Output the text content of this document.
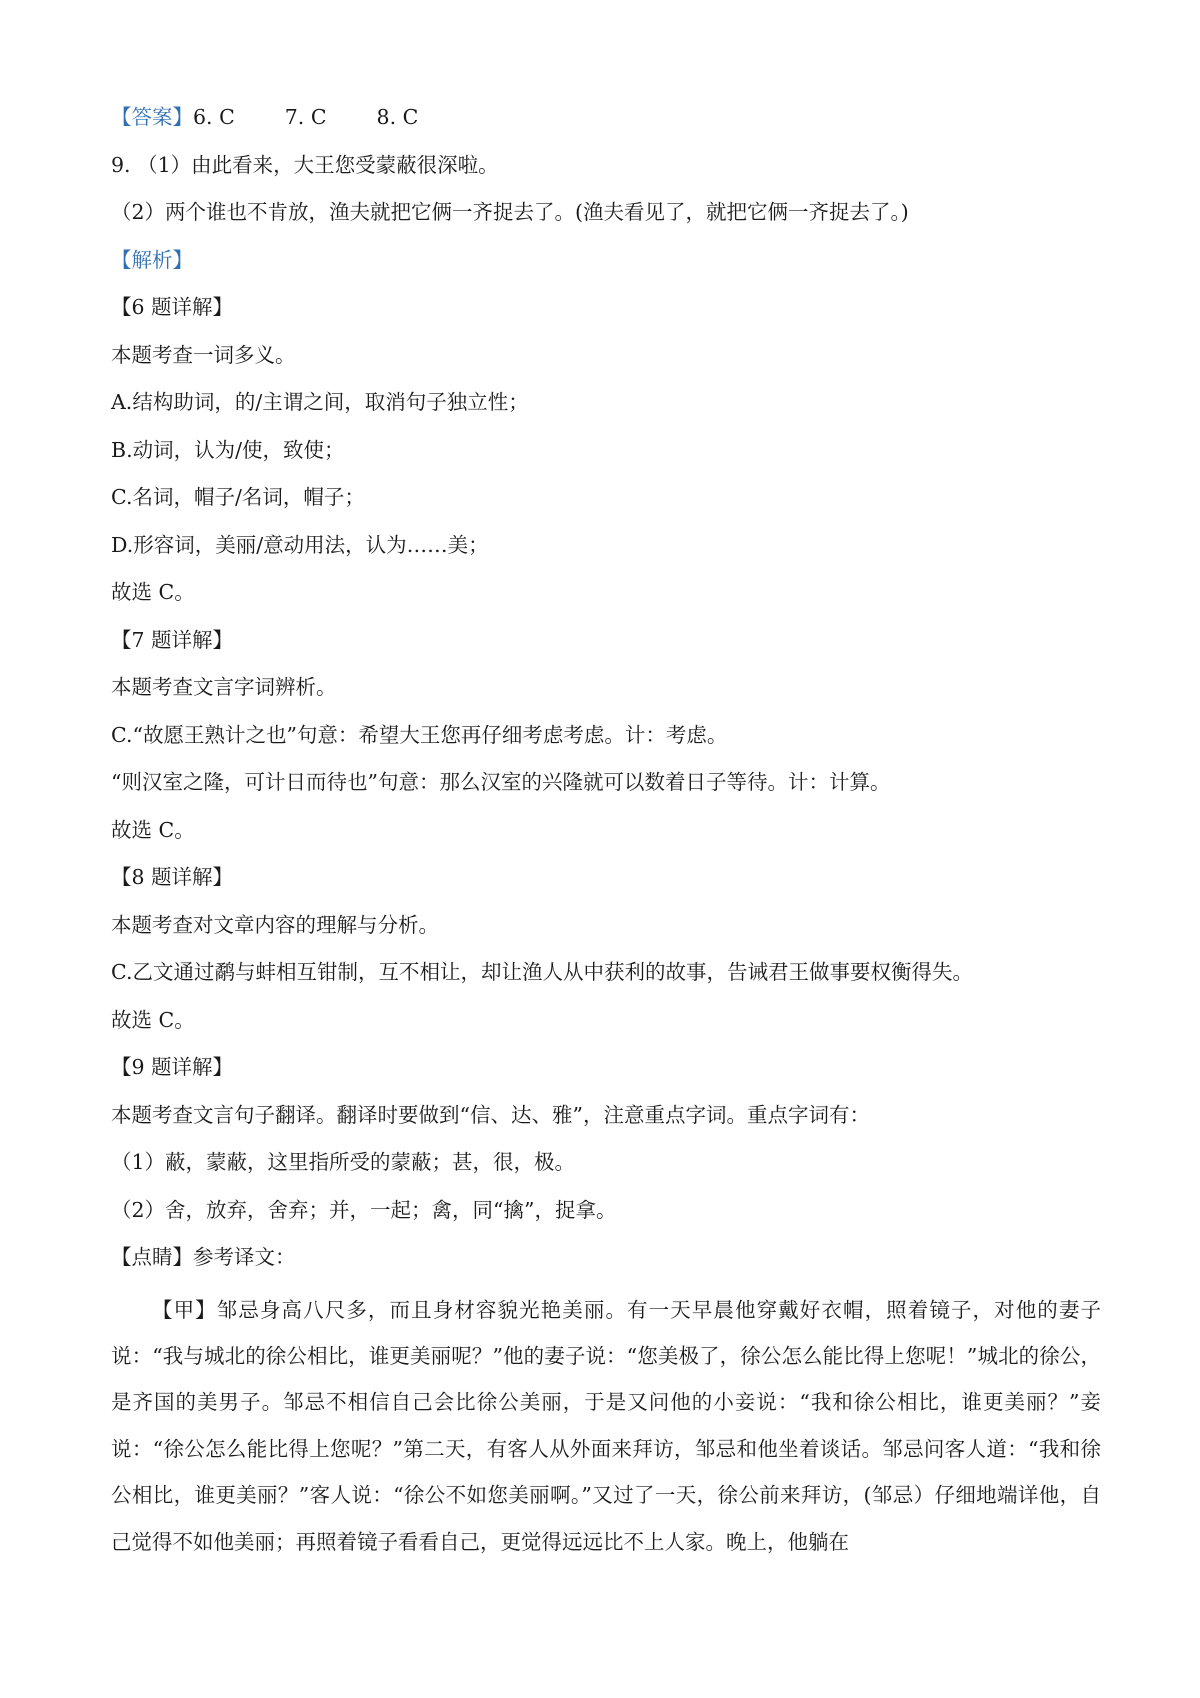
【答案】6. C 7. C 8. C
9. （1）由此看来，大王您受蒙蔽很深啦。
（2）两个谁也不肯放，渔夫就把它俩一齐捉去了。(渔夫看见了，就把它俩一齐捉去了。)
【解析】
【6 题详解】
本题考查一词多义。
A.结构助词，的/主谓之间，取消句子独立性；
B.动词，认为/使，致使；
C.名词，帽子/名词，帽子；
D.形容词，美丽/意动用法，认为……美；
故选 C。
【7 题详解】
本题考查文言字词辨析。
C.“故愿王熟计之也”句意：希望大王您再仔细考虑考虑。计：考虑。
“则汉室之隆，可计日而待也”句意：那么汉室的兴隆就可以数着日子等待。计：计算。
故选 C。
【8 题详解】
本题考查对文章内容的理解与分析。
C.乙文通过鹬与蚌相互钳制，互不相让，却让渔人从中获利的故事，告诫君王做事要权衡得失。
故选 C。
【9 题详解】
本题考查文言句子翻译。翻译时要做到“信、达、雅”，注意重点字词。重点字词有：
（1）蔽，蒙蔽，这里指所受的蒙蔽；甚，很，极。
（2）舍，放弃，舍弃；并，一起；禽，同“擒”，捉拿。
【点睛】参考译文：
【甲】邹忌身高八尺多，而且身材容貌光艳美丽。有一天早晨他穿戴好衣帽，照着镜子，对他的妻子说：“我与城北的徐公相比，谁更美丽呢？”他的妻子说：“您美极了，徐公怎么能比得上您呢！”城北的徐公，是齐国的美男子。邹忌不相信自己会比徐公美丽，于是又问他的小妾说：“我和徐公相比，谁更美丽？”妾说：“徐公怎么能比得上您呢？”第二天，有客人从外面来拜访，邹忌和他坐着谈话。邹忌问客人道：“我和徐公相比，谁更美丽？”客人说：“徐公不如您美丽啊。”又过了一天，徐公前来拜访，(邹忌）仔细地端详他，自己觉得不如他美丽；再照着镜子看看自己，更觉得远远比不上人家。晚上，他躺在
